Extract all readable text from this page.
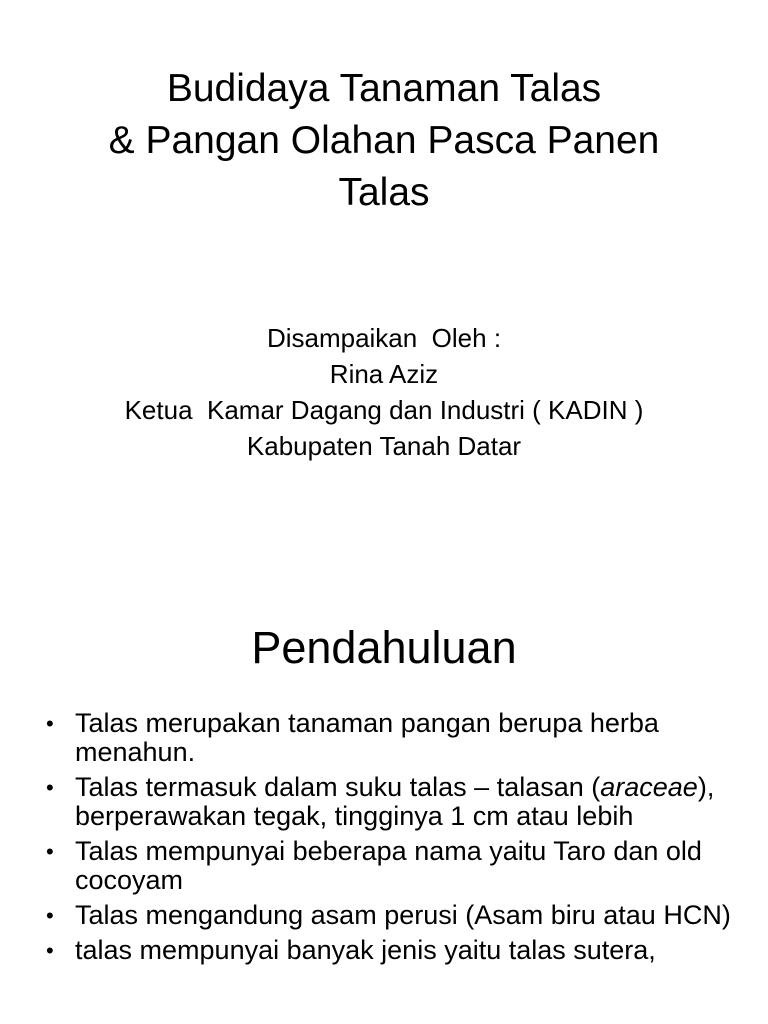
Budidaya Tanaman Talas
& Pangan Olahan Pasca Panen
Talas
Disampaikan  Oleh :
Rina Aziz
Ketua  Kamar Dagang dan Industri ( KADIN )
Kabupaten Tanah Datar
Pendahuluan
• Talas merupakan tanaman pangan berupa herba menahun.
• Talas termasuk dalam suku talas – talasan (araceae), berperawakan tegak, tingginya 1 cm atau lebih
• Talas mempunyai beberapa nama yaitu Taro dan old cocoyam
• Talas mengandung asam perusi (Asam biru atau HCN)
• talas mempunyai banyak jenis yaitu talas sutera,
